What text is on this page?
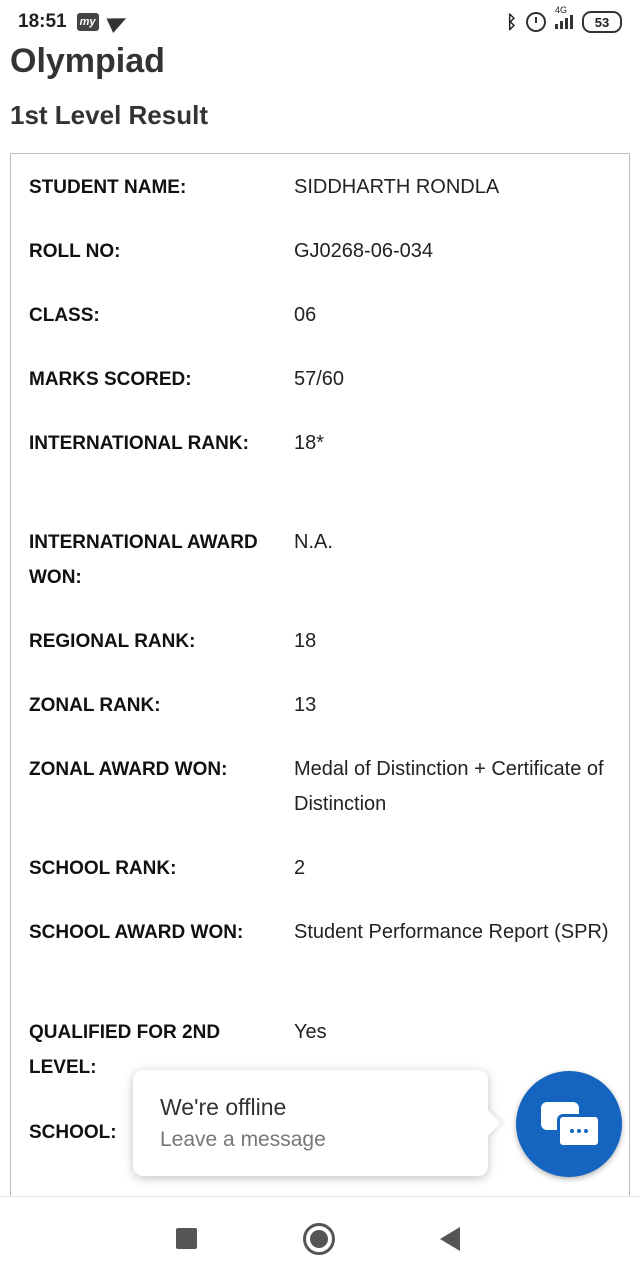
18:51 my	ᛒ
4G
53
Olympiad
1st Level Result
STUDENT NAME:	SIDDHARTH RONDLA
ROLL NO:	GJ0268-06-034
CLASS:	06
MARKS SCORED:	57/60
INTERNATIONAL RANK:	18*
INTERNATIONAL AWARD WON:
N.A.
REGIONAL RANK:	18
ZONAL RANK:	13
ZONAL AWARD WON:	Medal of Distinction + Certificate of Distinction
SCHOOL RANK:	2
SCHOOL AWARD WON:	Student Performance Report (SPR)
QUALIFIED FOR 2ND LEVEL:
Yes
SCHOOL:
We're offline
Leave a message
